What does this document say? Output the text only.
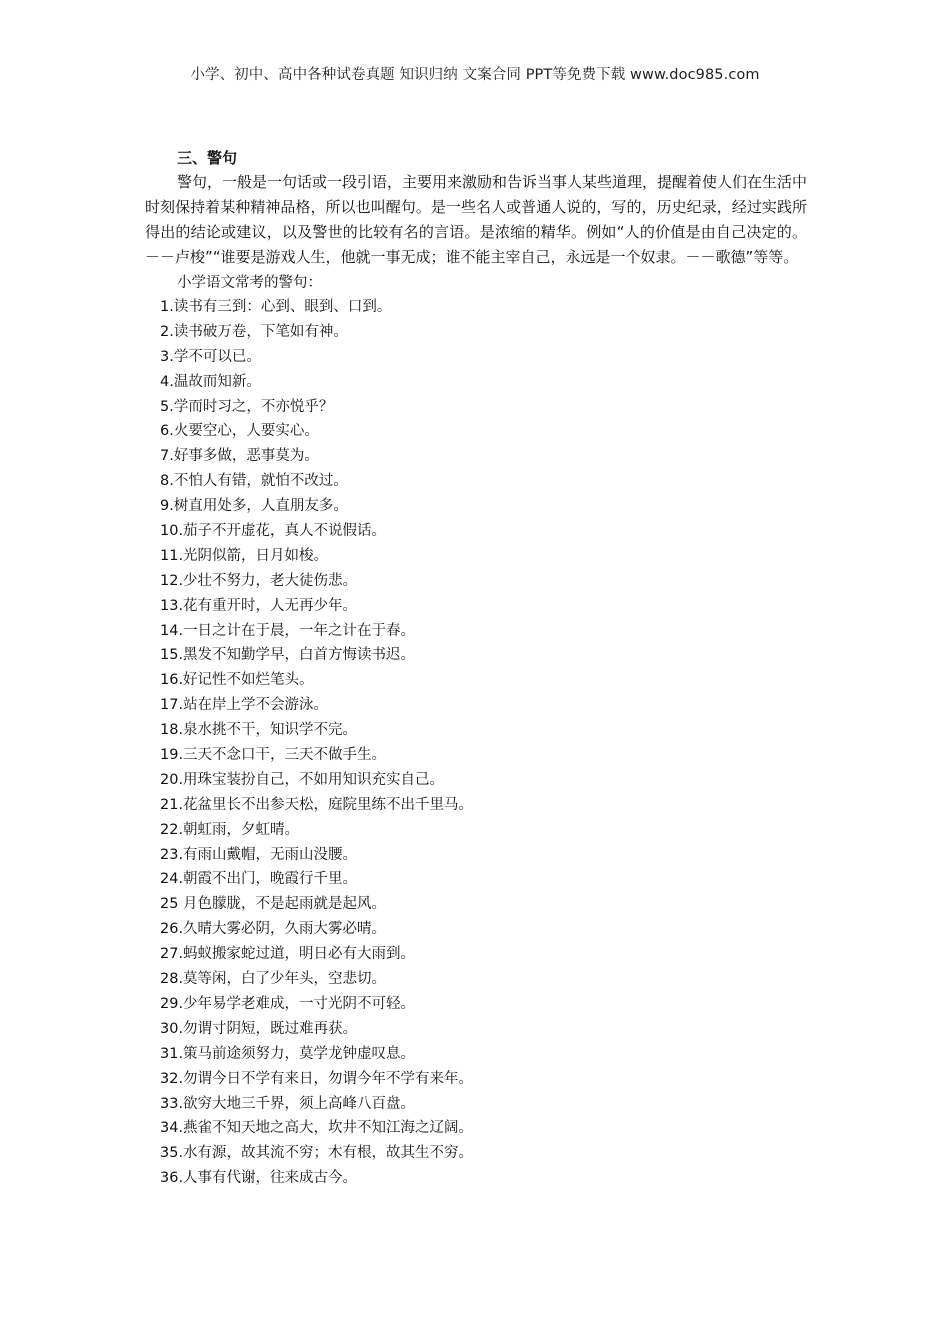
小学、初中、高中各种试卷真题 知识归纳 文案合同 PPT等免费下载 www.doc985.com
三、警句

警句，一般是一句话或一段引语，主要用来激励和告诉当事人某些道理，提醒着使人们在生活中时刻保持着某种精神品格，所以也叫醒句。是一些名人或普通人说的，写的，历史纪录，经过实践所得出的结论或建议，以及警世的比较有名的言语。是浓缩的精华。例如“人的价值是由自己决定的。－－卢梭”“谁要是游戏人生，他就一事无成；谁不能主宰自己，永远是一个奴隶。－－歌德”等等。

小学语文常考的警句：
1.读书有三到：心到、眼到、口到。
2.读书破万卷，下笔如有神。
3.学不可以已。
4.温故而知新。
5.学而时习之，不亦悦乎？
6.火要空心，人要实心。
7.好事多做，恶事莫为。
8.不怕人有错，就怕不改过。
9.树直用处多，人直朋友多。
10.茄子不开虚花，真人不说假话。
11.光阴似箭，日月如梭。
12.少壮不努力，老大徒伤悲。
13.花有重开时，人无再少年。
14.一日之计在于晨，一年之计在于春。
15.黑发不知勤学早，白首方悔读书迟。
16.好记性不如烂笔头。
17.站在岸上学不会游泳。
18.泉水挑不干，知识学不完。
19.三天不念口干，三天不做手生。
20.用珠宝装扮自己，不如用知识充实自己。
21.花盆里长不出参天松，庭院里练不出千里马。
22.朝虹雨，夕虹晴。
23.有雨山戴帽，无雨山没腰。
24.朝霞不出门，晚霞行千里。
25 月色朦胧，不是起雨就是起风。
26.久晴大雾必阴，久雨大雾必晴。
27.蚂蚁搬家蛇过道，明日必有大雨到。
28.莫等闲，白了少年头，空悲切。
29.少年易学老难成，一寸光阴不可轻。
30.勿谓寸阴短，既过难再获。
31.策马前途须努力，莫学龙钟虚叹息。
32.勿谓今日不学有来日，勿谓今年不学有来年。
33.欲穷大地三千界，须上高峰八百盘。
34.燕雀不知天地之高大，坎井不知江海之辽阔。
35.水有源，故其流不穷；木有根，故其生不穷。
36.人事有代谢，往来成古今。
